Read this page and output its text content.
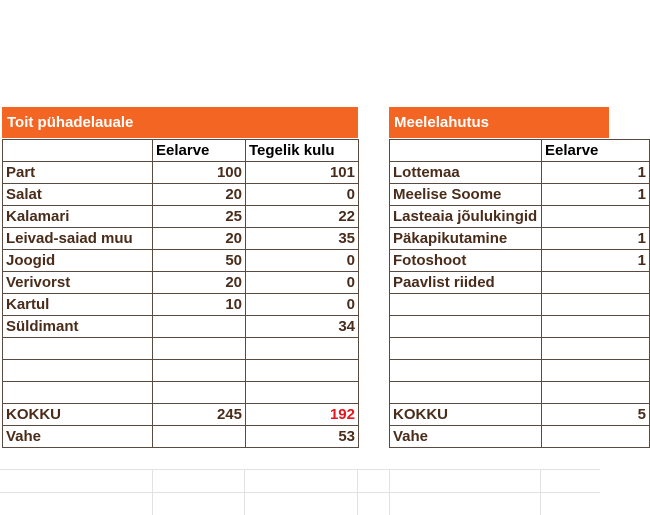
Toit pühadelauale
	Eelarve	Tegelik kulu
Part	100	101
Salat	20	0
Kalamari	25	22
Leivad-saiad muu	20	35
Joogid	50	0
Verivorst	20	0
Kartul	10	0
Süldimant		34

KOKKU	245	192
Vahe		53
Meelelahutus
	Eelarve
Lottemaa	1
Meelise Soome	1
Lasteaia jõulukingid	
Päkapikutamine	1
Fotoshoot	1
Paavlist riided	

KOKKU	5
Vahe	
